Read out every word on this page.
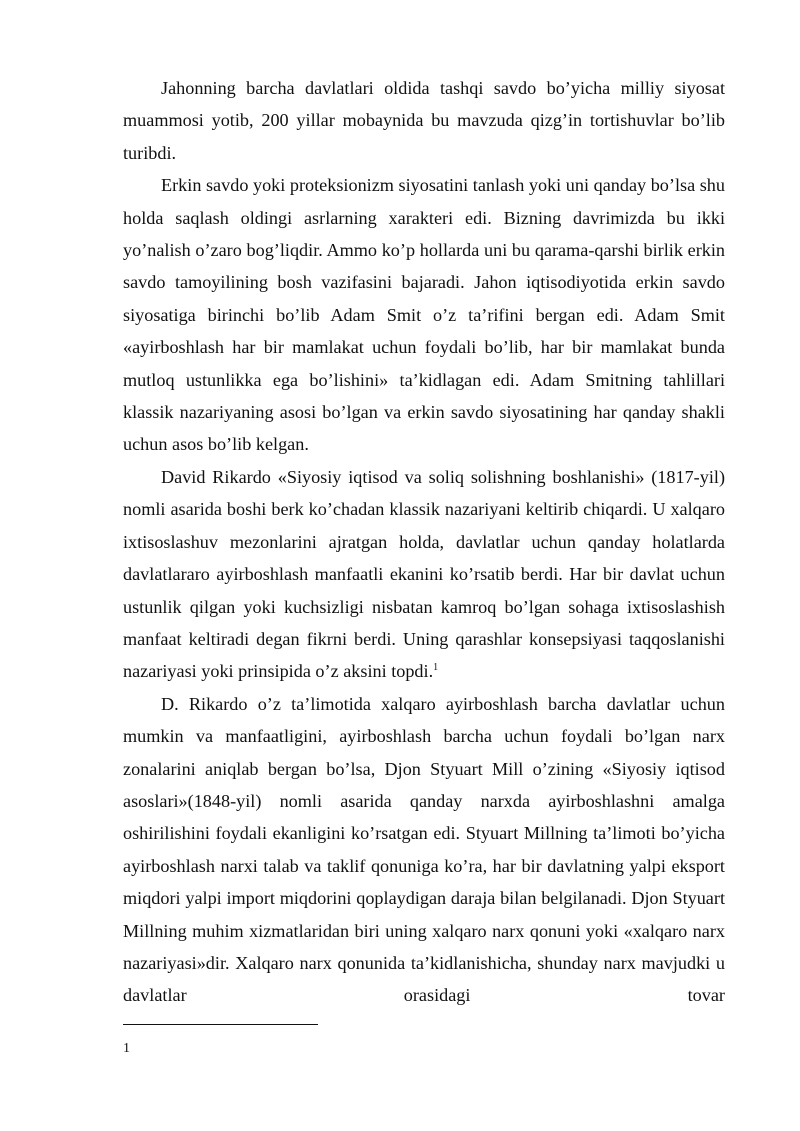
Jahonning barcha davlatlari oldida tashqi savdo bo’yicha milliy siyosat muammosi yotib, 200 yillar mobaynida bu mavzuda qizg’in tortishuvlar bo’lib turibdi.

Erkin savdo yoki proteksionizm siyosatini tanlash yoki uni qanday bo’lsa shu holda saqlash oldingi asrlarning xarakteri edi. Bizning davrimizda bu ikki yo’nalish o’zaro bog’liqdir. Ammo ko’p hollarda uni bu qarama-qarshi birlik erkin savdo tamoyilining bosh vazifasini bajaradi. Jahon iqtisodiyotida erkin savdo siyosatiga birinchi bo’lib Adam Smit o’z ta’rifini bergan edi. Adam Smit «ayirboshlash har bir mamlakat uchun foydali bo’lib, har bir mamlakat bunda mutloq ustunlikka ega bo’lishini» ta’kidlagan edi. Adam Smitning tahlillari klassik nazariyaning asosi bo’lgan va erkin savdo siyosatining har qanday shakli uchun asos bo’lib kelgan.

David Rikardo «Siyosiy iqtisod va soliq solishning boshlanishi» (1817-yil) nomli asarida boshi berk ko’chadan klassik nazariyani keltirib chiqardi. U xalqaro ixtisoslashuv mezonlarini ajratgan holda, davlatlar uchun qanday holatlarda davlatlararo ayirboshlash manfaatli ekanini ko’rsatib berdi. Har bir davlat uchun ustunlik qilgan yoki kuchsizligi nisbatan kamroq bo’lgan sohaga ixtisoslashish manfaat keltiradi degan fikrni berdi. Uning qarashlar konsepsiyasi taqqoslanishi nazariyasi yoki prinsipida o’z aksini topdi.$^1$

D. Rikardo o’z ta’limotida xalqaro ayirboshlash barcha davlatlar uchun mumkin va manfaatligini, ayirboshlash barcha uchun foydali bo’lgan narx zonalarini aniqlab bergan bo’lsa, Djon Styuart Mill o’zining «Siyosiy iqtisod asoslari»(1848-yil) nomli asarida qanday narxda ayirboshlashni amalga oshirilishini foydali ekanligini ko’rsatgan edi. Styuart Millning ta’limoti bo’yicha ayirboshlash narxi talab va taklif qonuniga ko’ra, har bir davlatning yalpi eksport miqdori yalpi import miqdorini qoplaydigan daraja bilan belgilanadi. Djon Styuart Millning muhim xizmatlaridan biri uning xalqaro narx qonuni yoki «xalqaro narx nazariyasi»dir. Xalqaro narx qonunida ta’kidlanishicha, shunday narx mavjudki u davlatlar orasidagi tovar

1
